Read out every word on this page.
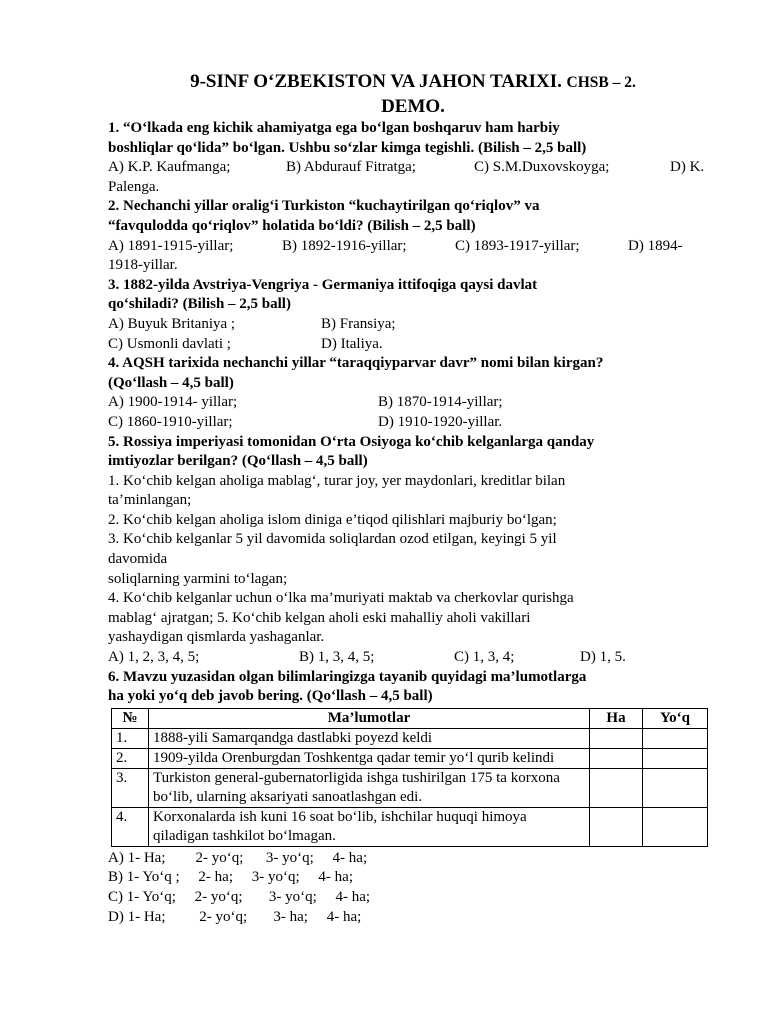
9-SINF O‘ZBEKISTON VA JAHON TARIXI. CHSB – 2.
DEMO.
1. “O‘lkada eng kichik ahamiyatga ega bo‘lgan boshqaruv ham harbiy
boshliqlar qo‘lida” bo‘lgan. Ushbu so‘zlar kimga tegishli. (Bilish – 2,5 ball)
A) K.P. Kaufmanga;	B) Abdurauf Fitratga;	C) S.M.Duxovskoyga;	D) K.
Palenga.
2. Nechanchi yillar oralig‘i Turkiston “kuchaytirilgan qo‘riqlov” va
“favqulodda qo‘riqlov” holatida bo‘ldi? (Bilish – 2,5 ball)
A) 1891-1915-yillar;	B) 1892-1916-yillar;	C) 1893-1917-yillar;	D) 1894-
1918-yillar.
3. 1882-yilda Avstriya-Vengriya - Germaniya ittifoqiga qaysi davlat
qo‘shiladi? (Bilish – 2,5 ball)
A) Buyuk Britaniya ;	B) Fransiya;
C) Usmonli davlati ;	D) Italiya.
4. AQSH tarixida nechanchi yillar “taraqqiyparvar davr” nomi bilan kirgan?
(Qo‘llash – 4,5 ball)
A) 1900-1914- yillar;	B) 1870-1914-yillar;
C) 1860-1910-yillar;	D) 1910-1920-yillar.
5. Rossiya imperiyasi tomonidan O‘rta Osiyoga ko‘chib kelganlarga qanday
imtiyozlar berilgan? (Qo‘llash – 4,5 ball)
1. Ko‘chib kelgan aholiga mablag‘, turar joy, yer maydonlari, kreditlar bilan
ta’minlangan;
2. Ko‘chib kelgan aholiga islom diniga e’tiqod qilishlari majburiy bo‘lgan;
3. Ko‘chib kelganlar 5 yil davomida soliqlardan ozod etilgan, keyingi 5 yil
davomida
soliqlarning yarmini to‘lagan;
4. Ko‘chib kelganlar uchun o‘lka ma’muriyati maktab va cherkovlar qurishga
mablag‘ ajratgan; 5. Ko‘chib kelgan aholi eski mahalliy aholi vakillari
yashaydigan qismlarda yashaganlar.
A) 1, 2, 3, 4, 5;	B) 1, 3, 4, 5;	C) 1, 3, 4;	D) 1, 5.
6. Mavzu yuzasidan olgan bilimlaringizga tayanib quyidagi ma’lumotlarga
ha yoki yo‘q deb javob bering. (Qo‘llash – 4,5 ball)
№	Ma’lumotlar	Ha	Yo‘q
1.	1888-yili Samarqandga dastlabki poyezd keldi		
2.	1909-yilda Orenburgdan Toshkentga qadar temir yo‘l qurib kelindi		
3.	Turkiston general-gubernatorligida ishga tushirilgan 175 ta korxona bo‘lib, ularning aksariyati sanoatlashgan edi.		
4.	Korxonalarda ish kuni 16 soat bo‘lib, ishchilar huquqi himoya qiladigan tashkilot bo‘lmagan.		
A) 1- Ha;        2- yo‘q;      3- yo‘q;     4- ha;
B) 1- Yo‘q ;     2- ha;     3- yo‘q;     4- ha;
C) 1- Yo‘q;     2- yo‘q;       3- yo‘q;     4- ha;
D) 1- Ha;         2- yo‘q;       3- ha;     4- ha;
